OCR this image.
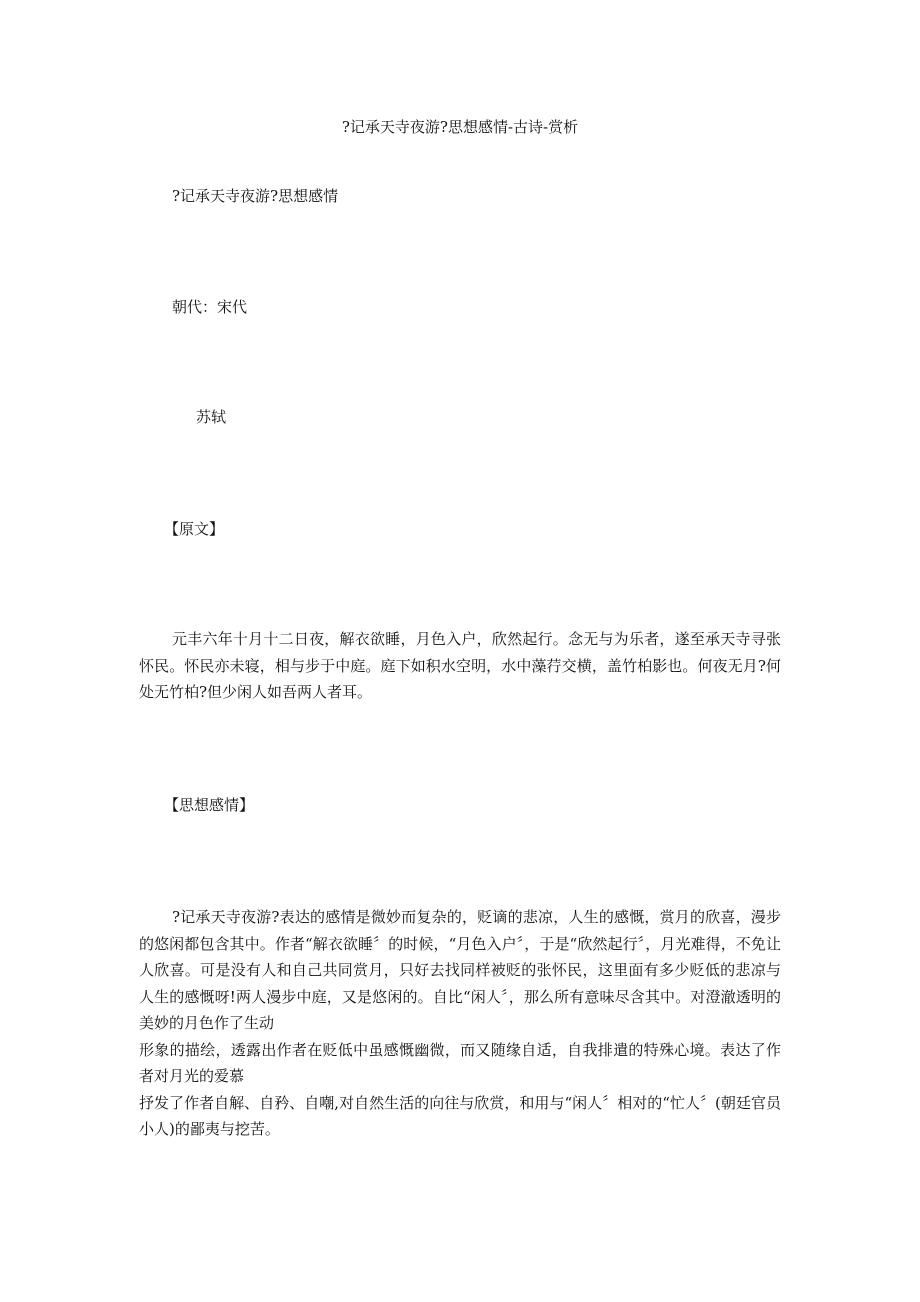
?记承天寺夜游?思想感情-古诗-赏析

?记承天寺夜游?思想感情

朝代：宋代

苏轼

【原文】

元丰六年十月十二日夜，解衣欲睡，月色入户，欣然起行。念无与为乐者，遂至承天寺寻张怀民。怀民亦未寝，相与步于中庭。庭下如积水空明，水中藻荇交横，盖竹柏影也。何夜无月?何处无竹柏?但少闲人如吾两人者耳。

【思想感情】

?记承天寺夜游?表达的感情是微妙而复杂的，贬谪的悲凉，人生的感慨，赏月的欣喜，漫步的悠闲都包含其中。作者“解衣欲睡〞的时候，“月色入户〞，于是“欣然起行〞，月光难得，不免让人欣喜。可是没有人和自己共同赏月，只好去找同样被贬的张怀民，这里面有多少贬低的悲凉与人生的感慨呀!两人漫步中庭，又是悠闲的。自比“闲人〞，那么所有意味尽含其中。对澄澈透明的美妙的月色作了生动
形象的描绘，透露出作者在贬低中虽感慨幽微，而又随缘自适，自我排遣的特殊心境。表达了作者对月光的爱慕
抒发了作者自解、自矜、自嘲,对自然生活的向往与欣赏，和用与“闲人〞相对的“忙人〞(朝廷官员小人)的鄙夷与挖苦。
